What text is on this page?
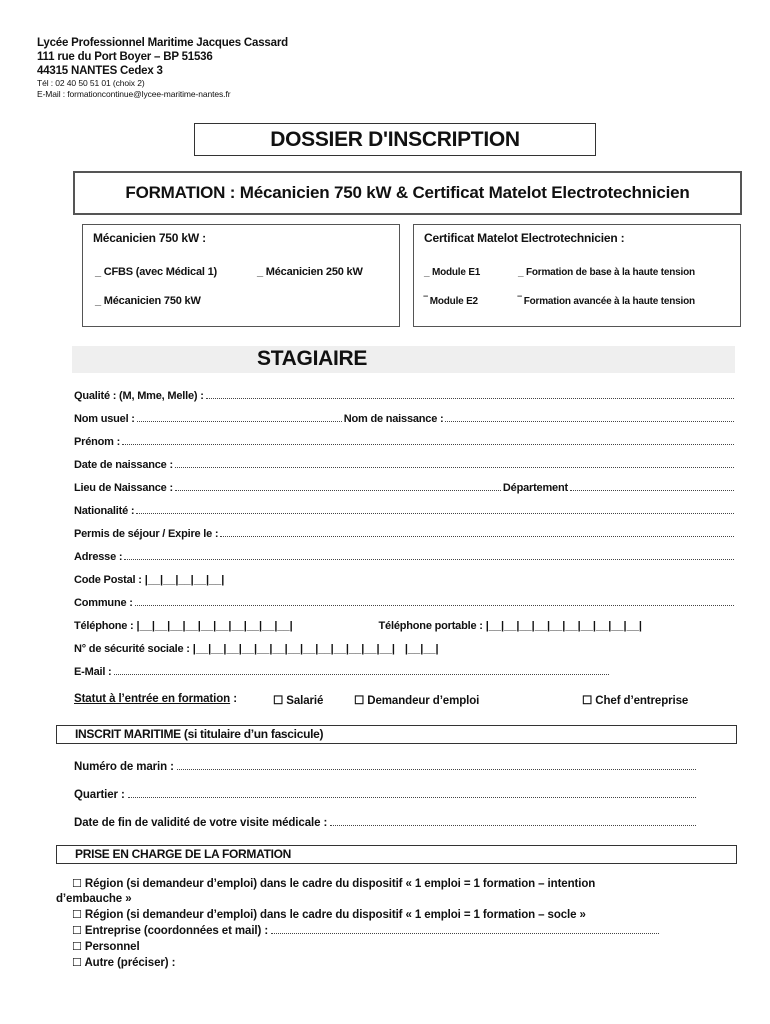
Lycée Professionnel Maritime Jacques Cassard
111 rue du Port Boyer – BP 51536
44315 NANTES Cedex 3
Tél : 02 40 50 51 01 (choix 2)
E-Mail : formationcontinue@lycee-maritime-nantes.fr
DOSSIER D'INSCRIPTION
FORMATION : Mécanicien 750 kW & Certificat Matelot Electrotechnicien
Mécanicien 750 kW :
_ CFBS (avec Médical 1)	_ Mécanicien 250 kW
_ Mécanicien 750 kW
Certificat Matelot Electrotechnicien :
_ Module E1	_ Formation de base à la haute tension
‾ Module E2	‾ Formation avancée à la haute tension
STAGIAIRE
Qualité : (M, Mme, Melle) :
Nom usuel :	Nom de naissance :
Prénom :
Date de naissance :
Lieu de Naissance :	Département
Nationalité :
Permis de séjour / Expire le :
Adresse :
Code Postal : |__|__|__|__|__|
Commune :
Téléphone : |__|__|__|__|__|__|__|__|__|__|	Téléphone portable : |__|__|__|__|__|__|__|__|__|__|
N° de sécurité sociale : |__|__|__|__|__|__|__|__|__|__|__|__|__| |__|__|
E-Mail :
Statut à l’entrée en formation :	☐ Salarié	☐ Demandeur d’emploi	☐ Chef d’entreprise
INSCRIT MARITIME (si titulaire d’un fascicule)
Numéro de marin :
Quartier :
Date de fin de validité de votre visite médicale :
PRISE EN CHARGE DE LA FORMATION
☐ Région (si demandeur d’emploi) dans le cadre du dispositif « 1 emploi = 1 formation – intention
d’embauche »
☐ Région (si demandeur d’emploi) dans le cadre du dispositif « 1 emploi = 1 formation – socle »
☐ Entreprise (coordonnées et mail) :
☐ Personnel
☐ Autre (préciser) :
